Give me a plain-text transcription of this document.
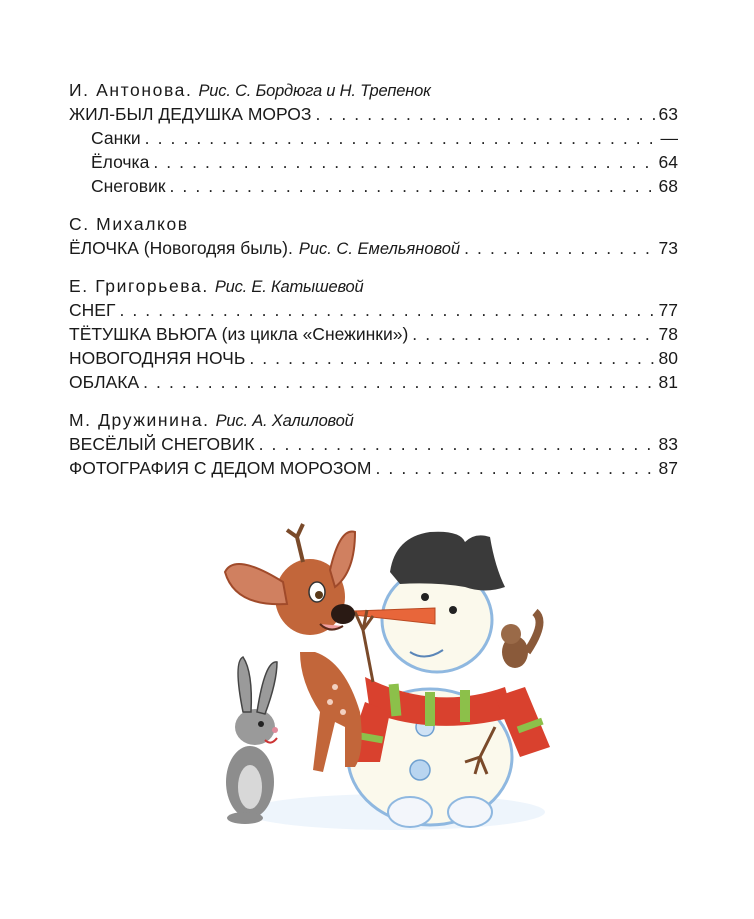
И. Антонова. Рис. С. Бордюга и Н. Трепенок
ЖИЛ-БЫЛ ДЕДУШКА МОРОЗ . . .	63
Санки . . .	—
Ёлочка . . .	64
Снеговик . . .	68
С. Михалков
ЁЛОЧКА (Новогодяя быль). Рис. С. Емельяновой . . .	73
Е. Григорьева. Рис. Е. Катышевой
СНЕГ . . .	77
ТЁТУШКА ВЬЮГА (из цикла «Снежинки») . . .	78
НОВОГОДНЯЯ НОЧЬ . . .	80
ОБЛАКА . . .	81
М. Дружинина. Рис. А. Халиловой
ВЕСЁЛЫЙ СНЕГОВИК . . .	83
ФОТОГРАФИЯ С ДЕДОМ МОРОЗОМ . . .	87
